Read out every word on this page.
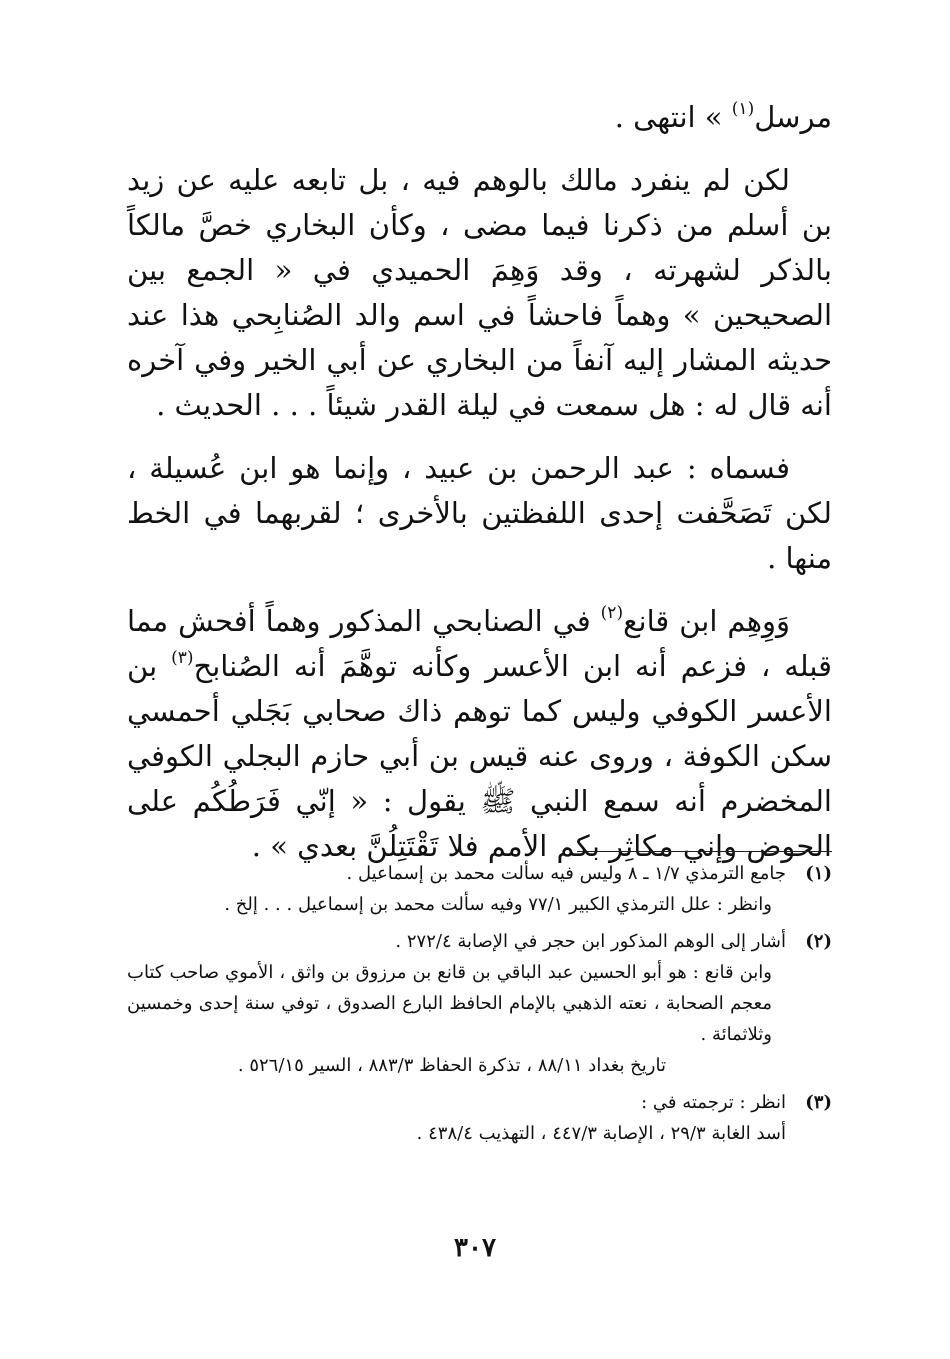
مرسل$^{(١)}$ » انتهى .

لكن لم ينفرد مالك بالوهم فيه ، بل تابعه عليه عن زيد بن أسلم من ذكرنا فيما مضى ، وكأن البخاري خصَّ مالكاً بالذكر لشهرته ، وقد وَهِمَ الحميدي في « الجمع بين الصحيحين » وهماً فاحشاً في اسم والد الصُنابِحي هذا عند حديثه المشار إليه آنفاً من البخاري عن أبي الخير وفي آخره أنه قال له : هل سمعت في ليلة القدر شيئاً . . . الحديث .

فسماه : عبد الرحمن بن عبيد ، وإنما هو ابن عُسيلة ، لكن تَصَحَّفت إحدى اللفظتين بالأخرى ؛ لقربهما في الخط منها .

وَوِهِم ابن قانع$^{(٢)}$ في الصنابحي المذكور وهماً أفحش مما قبله ، فزعم أنه ابن الأعسر وكأنه توهَّمَ أنه الصُنابح$^{(٣)}$ بن الأعسر الكوفي وليس كما توهم ذاك صحابي بَجَلي أحمسي سكن الكوفة ، وروى عنه قيس بن أبي حازم البجلي الكوفي المخضرم أنه سمع النبي ﷺ يقول : « إنّي فَرَطُكُم على الحوض وإني مكاثِر بكم الأمم فلا تَقْتَتِلُنَّ بعدي » .

(١)
جامع الترمذي ١/٧ ـ ٨ وليس فيه سألت محمد بن إسماعيل .
وانظر : علل الترمذي الكبير ٧٧/١ وفيه سألت محمد بن إسماعيل . . . إلخ .
(٢)
أشار إلى الوهم المذكور ابن حجر في الإصابة ٢٧٢/٤ .
وابن قانع : هو أبو الحسين عبد الباقي بن قانع بن مرزوق بن واثق ، الأموي صاحب كتاب معجم الصحابة ، نعته الذهبي بالإمام الحافظ البارع الصدوق ، توفي سنة إحدى وخمسين وثلاثمائة .
تاريخ بغداد ٨٨/١١ ، تذكرة الحفاظ ٨٨٣/٣ ، السير ٥٢٦/١٥ .
(٣)
انظر : ترجمته في :
أسد الغابة ٢٩/٣ ، الإصابة ٤٤٧/٣ ، التهذيب ٤٣٨/٤ .
٣٠٧
